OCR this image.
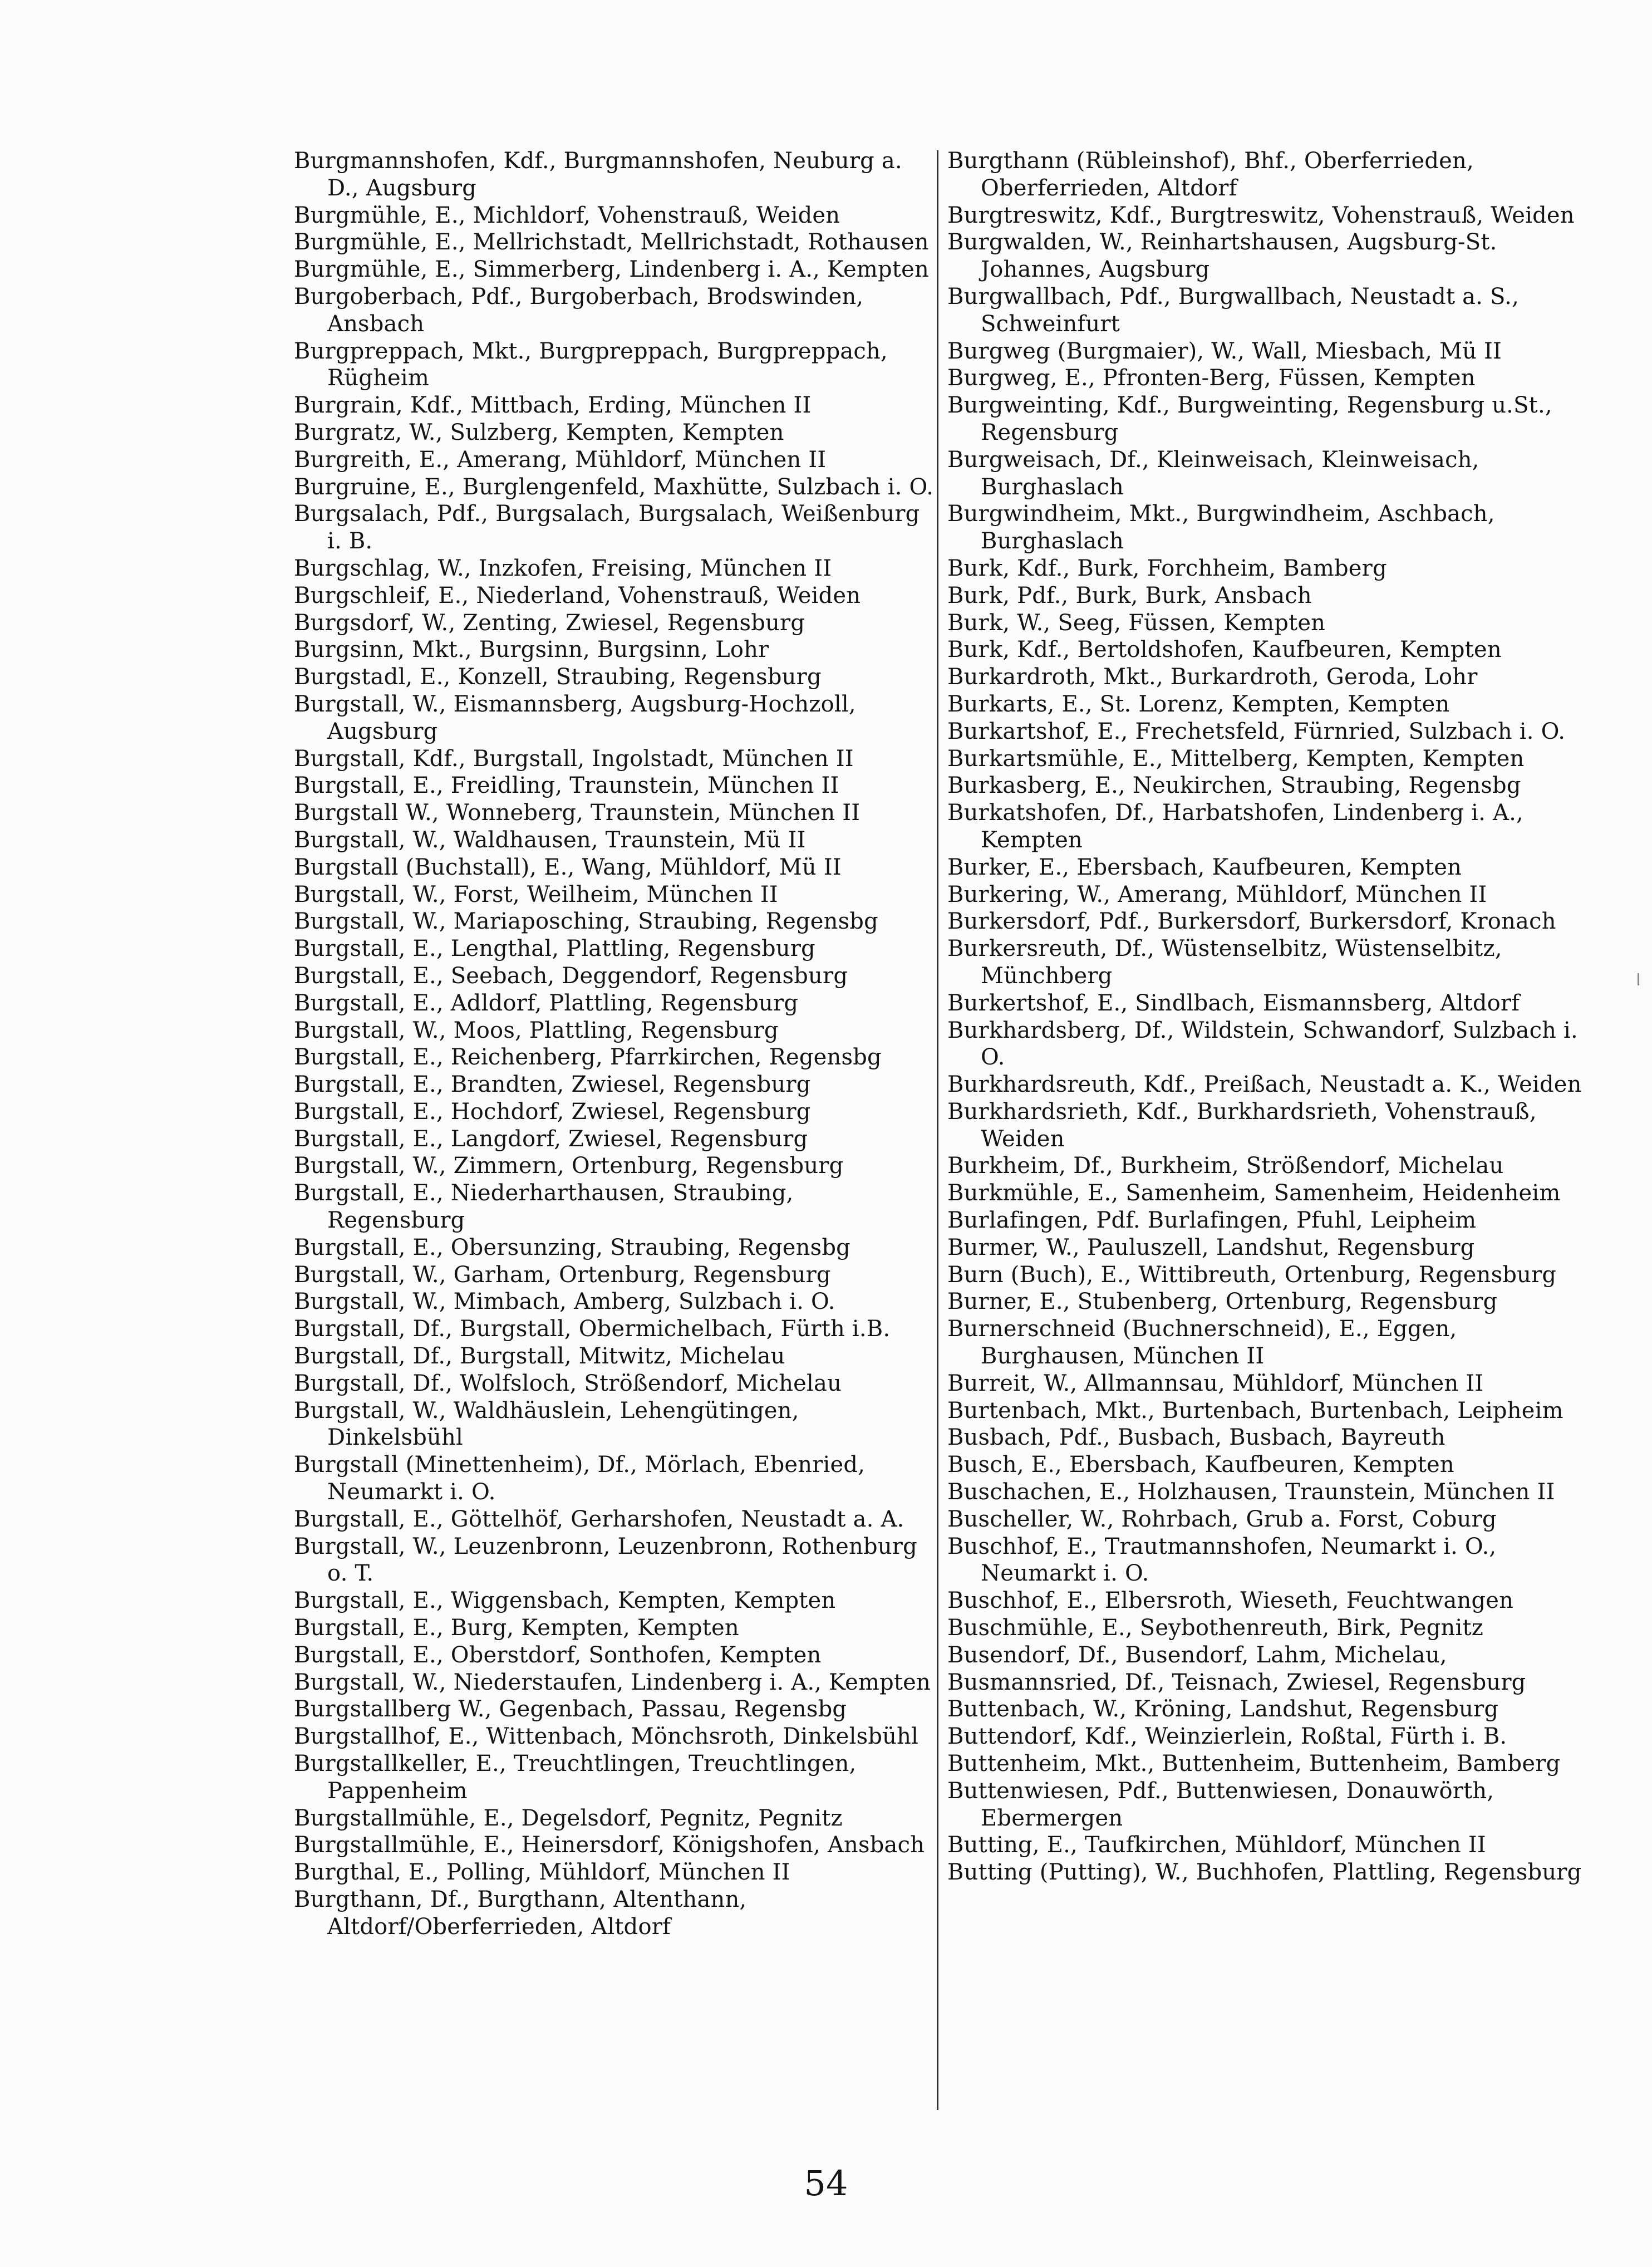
Burgmannshofen, Kdf., Burgmannshofen, Neuburg a. D., Augsburg
Burgmühle, E., Michldorf, Vohenstrauß, Weiden
Burgmühle, E., Mellrichstadt, Mellrichstadt, Rothausen
Burgmühle, E., Simmerberg, Lindenberg i. A., Kempten
Burgoberbach, Pdf., Burgoberbach, Brodswinden, Ansbach
Burgpreppach, Mkt., Burgpreppach, Burgpreppach, Rügheim
Burgrain, Kdf., Mittbach, Erding, München II
Burgratz, W., Sulzberg, Kempten, Kempten
Burgreith, E., Amerang, Mühldorf, München II
Burgruine, E., Burglengenfeld, Maxhütte, Sulzbach i. O.
Burgsalach, Pdf., Burgsalach, Burgsalach, Weißenburg i. B.
Burgschlag, W., Inzkofen, Freising, München II
Burgschleif, E., Niederland, Vohenstrauß, Weiden
Burgsdorf, W., Zenting, Zwiesel, Regensburg
Burgsinn, Mkt., Burgsinn, Burgsinn, Lohr
Burgstadl, E., Konzell, Straubing, Regensburg
Burgstall, W., Eismannsberg, Augsburg-Hochzoll, Augsburg
Burgstall, Kdf., Burgstall, Ingolstadt, München II
Burgstall, E., Freidling, Traunstein, München II
Burgstall W., Wonneberg, Traunstein, München II
Burgstall, W., Waldhausen, Traunstein, Mü II
Burgstall (Buchstall), E., Wang, Mühldorf, Mü II
Burgstall, W., Forst, Weilheim, München II
Burgstall, W., Mariaposching, Straubing, Regensbg
Burgstall, E., Lengthal, Plattling, Regensburg
Burgstall, E., Seebach, Deggendorf, Regensburg
Burgstall, E., Adldorf, Plattling, Regensburg
Burgstall, W., Moos, Plattling, Regensburg
Burgstall, E., Reichenberg, Pfarrkirchen, Regensbg
Burgstall, E., Brandten, Zwiesel, Regensburg
Burgstall, E., Hochdorf, Zwiesel, Regensburg
Burgstall, E., Langdorf, Zwiesel, Regensburg
Burgstall, W., Zimmern, Ortenburg, Regensburg
Burgstall, E., Niederharthausen, Straubing, Regensburg
Burgstall, E., Obersunzing, Straubing, Regensbg
Burgstall, W., Garham, Ortenburg, Regensburg
Burgstall, W., Mimbach, Amberg, Sulzbach i. O.
Burgstall, Df., Burgstall, Obermichelbach, Fürth i.B.
Burgstall, Df., Burgstall, Mitwitz, Michelau
Burgstall, Df., Wolfsloch, Strößendorf, Michelau
Burgstall, W., Waldhäuslein, Lehengütingen, Dinkelsbühl
Burgstall (Minettenheim), Df., Mörlach, Ebenried, Neumarkt i. O.
Burgstall, E., Göttelhöf, Gerharshofen, Neustadt a. A.
Burgstall, W., Leuzenbronn, Leuzenbronn, Rothenburg o. T.
Burgstall, E., Wiggensbach, Kempten, Kempten
Burgstall, E., Burg, Kempten, Kempten
Burgstall, E., Oberstdorf, Sonthofen, Kempten
Burgstall, W., Niederstaufen, Lindenberg i. A., Kempten
Burgstallberg W., Gegenbach, Passau, Regensbg
Burgstallhof, E., Wittenbach, Mönchsroth, Dinkelsbühl
Burgstallkeller, E., Treuchtlingen, Treuchtlingen, Pappenheim
Burgstallmühle, E., Degelsdorf, Pegnitz, Pegnitz
Burgstallmühle, E., Heinersdorf, Königshofen, Ansbach
Burgthal, E., Polling, Mühldorf, München II
Burgthann, Df., Burgthann, Altenthann, Altdorf/Oberferrieden, Altdorf
Burgthann (Rübleinshof), Bhf., Oberferrieden, Oberferrieden, Altdorf
Burgtreswitz, Kdf., Burgtreswitz, Vohenstrauß, Weiden
Burgwalden, W., Reinhartshausen, Augsburg-St. Johannes, Augsburg
Burgwallbach, Pdf., Burgwallbach, Neustadt a. S., Schweinfurt
Burgweg (Burgmaier), W., Wall, Miesbach, Mü II
Burgweg, E., Pfronten-Berg, Füssen, Kempten
Burgweinting, Kdf., Burgweinting, Regensburg u.St., Regensburg
Burgweisach, Df., Kleinweisach, Kleinweisach, Burghaslach
Burgwindheim, Mkt., Burgwindheim, Aschbach, Burghaslach
Burk, Kdf., Burk, Forchheim, Bamberg
Burk, Pdf., Burk, Burk, Ansbach
Burk, W., Seeg, Füssen, Kempten
Burk, Kdf., Bertoldshofen, Kaufbeuren, Kempten
Burkardroth, Mkt., Burkardroth, Geroda, Lohr
Burkarts, E., St. Lorenz, Kempten, Kempten
Burkartshof, E., Frechetsfeld, Fürnried, Sulzbach i. O.
Burkartsmühle, E., Mittelberg, Kempten, Kempten
Burkasberg, E., Neukirchen, Straubing, Regensbg
Burkatshofen, Df., Harbatshofen, Lindenberg i. A., Kempten
Burker, E., Ebersbach, Kaufbeuren, Kempten
Burkering, W., Amerang, Mühldorf, München II
Burkersdorf, Pdf., Burkersdorf, Burkersdorf, Kronach
Burkersreuth, Df., Wüstenselbitz, Wüstenselbitz, Münchberg
Burkertshof, E., Sindlbach, Eismannsberg, Altdorf
Burkhardsberg, Df., Wildstein, Schwandorf, Sulzbach i. O.
Burkhardsreuth, Kdf., Preißach, Neustadt a. K., Weiden
Burkhardsrieth, Kdf., Burkhardsrieth, Vohenstrauß, Weiden
Burkheim, Df., Burkheim, Strößendorf, Michelau
Burkmühle, E., Samenheim, Samenheim, Heidenheim
Burlafingen, Pdf. Burlafingen, Pfuhl, Leipheim
Burmer, W., Pauluszell, Landshut, Regensburg
Burn (Buch), E., Wittibreuth, Ortenburg, Regensburg
Burner, E., Stubenberg, Ortenburg, Regensburg
Burnerschneid (Buchnerschneid), E., Eggen, Burghausen, München II
Burreit, W., Allmannsau, Mühldorf, München II
Burtenbach, Mkt., Burtenbach, Burtenbach, Leipheim
Busbach, Pdf., Busbach, Busbach, Bayreuth
Busch, E., Ebersbach, Kaufbeuren, Kempten
Buschachen, E., Holzhausen, Traunstein, München II
Buscheller, W., Rohrbach, Grub a. Forst, Coburg
Buschhof, E., Trautmannshofen, Neumarkt i. O., Neumarkt i. O.
Buschhof, E., Elbersroth, Wieseth, Feuchtwangen
Buschmühle, E., Seybothenreuth, Birk, Pegnitz
Busendorf, Df., Busendorf, Lahm, Michelau,
Busmannsried, Df., Teisnach, Zwiesel, Regensburg
Buttenbach, W., Kröning, Landshut, Regensburg
Buttendorf, Kdf., Weinzierlein, Roßtal, Fürth i. B.
Buttenheim, Mkt., Buttenheim, Buttenheim, Bamberg
Buttenwiesen, Pdf., Buttenwiesen, Donauwörth, Ebermergen
Butting, E., Taufkirchen, Mühldorf, München II
Butting (Putting), W., Buchhofen, Plattling, Regensburg
54
